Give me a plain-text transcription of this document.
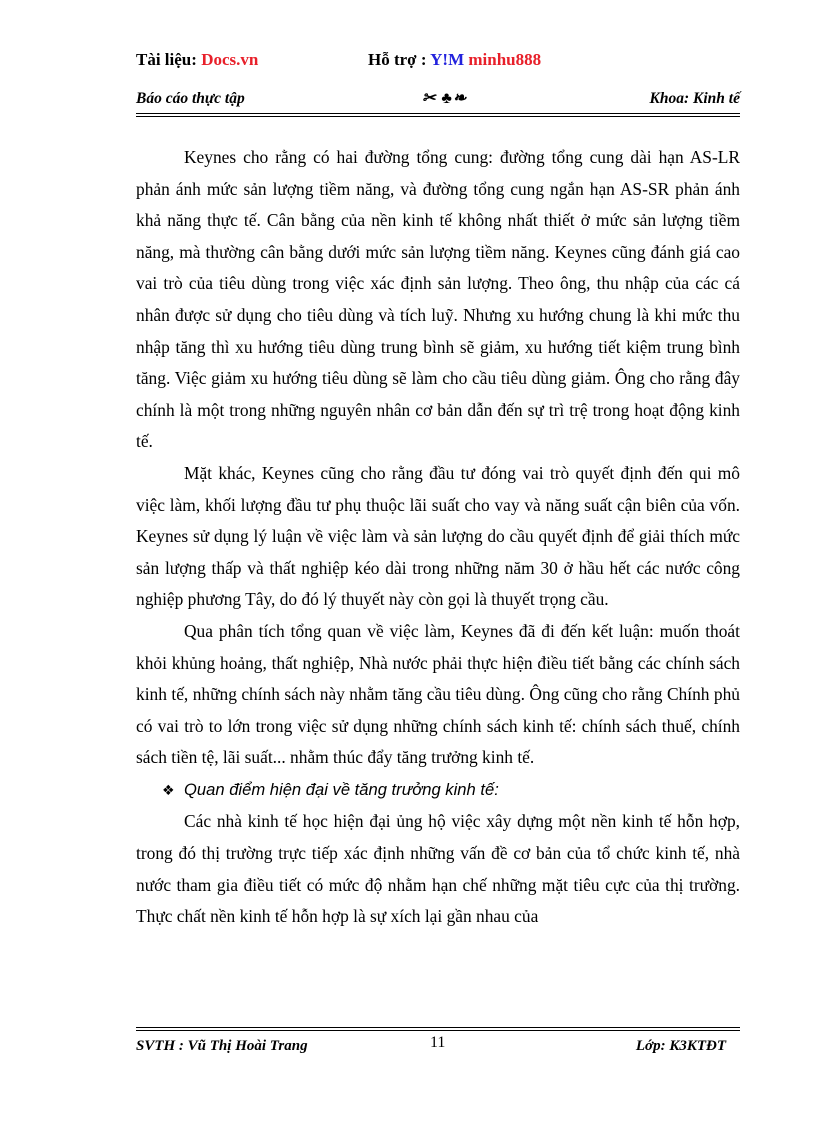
Tài liệu: Docs.vn	Hỗ trợ : Y!M minhu888
Báo cáo thực tập	✂ ♣❧	Khoa: Kinh tế

Keynes cho rằng có hai đường tổng cung: đường tổng cung dài hạn AS-LR phản ánh mức sản lượng tiềm năng, và đường tổng cung ngắn hạn AS-SR phản ánh khả năng thực tế. Cân bằng của nền kinh tế không nhất thiết ở mức sản lượng tiềm năng, mà thường cân bằng dưới mức sản lượng tiềm năng. Keynes cũng đánh giá cao vai trò của tiêu dùng trong việc xác định sản lượng. Theo ông, thu nhập của các cá nhân được sử dụng cho tiêu dùng và tích luỹ. Nhưng xu hướng chung là khi mức thu nhập tăng thì xu hướng tiêu dùng trung bình sẽ giảm, xu hướng tiết kiệm trung bình tăng. Việc giảm xu hướng tiêu dùng sẽ làm cho cầu tiêu dùng giảm. Ông cho rằng đây chính là một trong những nguyên nhân cơ bản dẫn đến sự trì trệ trong hoạt động kinh tế.

Mặt khác, Keynes cũng cho rằng đầu tư đóng vai trò quyết định đến qui mô việc làm, khối lượng đầu tư phụ thuộc lãi suất cho vay và năng suất cận biên của vốn. Keynes sử dụng lý luận về việc làm và sản lượng do cầu quyết định để giải thích mức sản lượng thấp và thất nghiệp kéo dài trong những năm 30 ở hầu hết các nước công nghiệp phương Tây, do đó lý thuyết này còn gọi là thuyết trọng cầu.

Qua phân tích tổng quan về việc làm, Keynes đã đi đến kết luận: muốn thoát khỏi khủng hoảng, thất nghiệp, Nhà nước phải thực hiện điều tiết bằng các chính sách kinh tế, những chính sách này nhằm tăng cầu tiêu dùng. Ông cũng cho rằng Chính phủ có vai trò to lớn trong việc sử dụng những chính sách kinh tế: chính sách thuế, chính sách tiền tệ, lãi suất... nhằm thúc đẩy tăng trưởng kinh tế.

❖ Quan điểm hiện đại về tăng trưởng kinh tế:

Các nhà kinh tế học hiện đại ủng hộ việc xây dựng một nền kinh tế hỗn hợp, trong đó thị trường trực tiếp xác định những vấn đề cơ bản của tổ chức kinh tế, nhà nước tham gia điều tiết có mức độ nhằm hạn chế những mặt tiêu cực của thị trường. Thực chất nền kinh tế hỗn hợp là sự xích lại gần nhau của

SVTH : Vũ Thị Hoài Trang	11	Lớp: K3KTĐT
